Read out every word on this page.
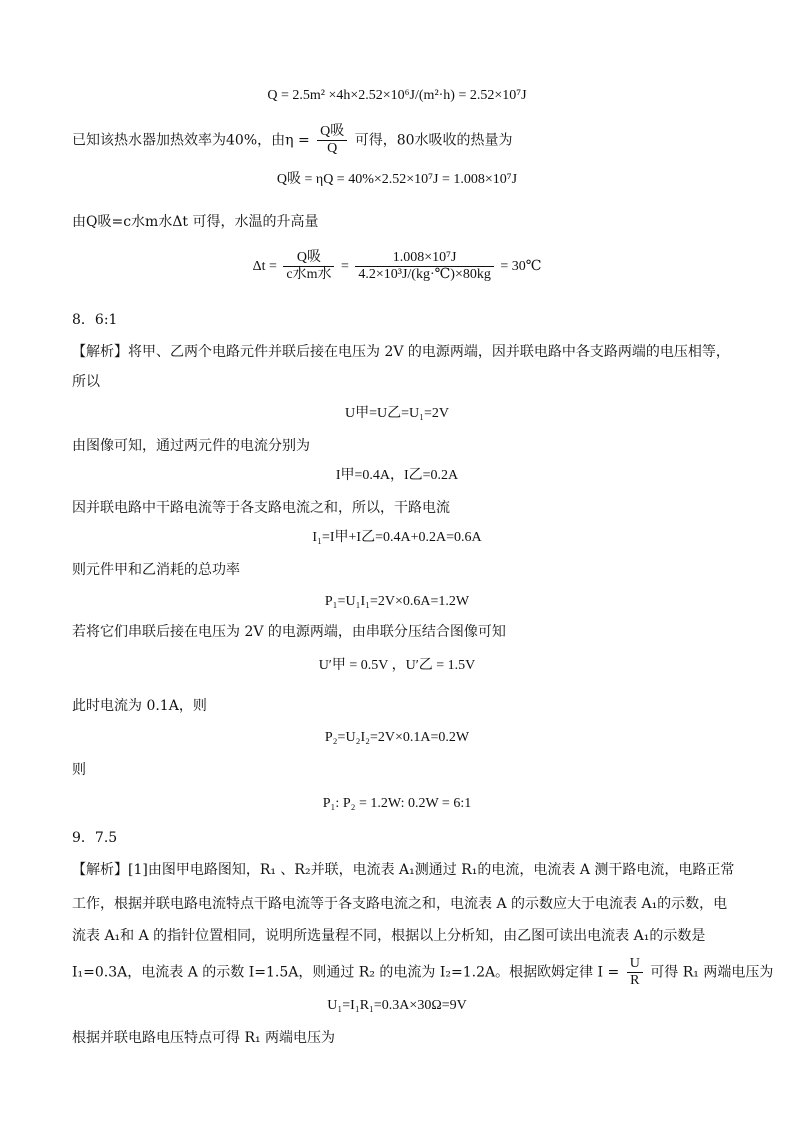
Q = 2.5m² ×4h×2.52×10⁶J/(m²·h) = 2.52×10⁷J
已知该热水器加热效率为40%，由$\eta = \frac{\text{Q吸}}{Q}$ 可得，80水吸收的热量为
Q吸 = ηQ = 40%×2.52×10⁷J = 1.008×10⁷J
由Q吸=c水m水Δt 可得，水温的升高量
$\Delta t = \frac{\text{Q吸}}{\text{c水m水}} = \frac{\text{1.008×10⁷J}}{\text{4.2×10³J/(kg·℃)×80kg}}$ = 30℃
8．6:1
【解析】将甲、乙两个电路元件并联后接在电压为 2V 的电源两端，因并联电路中各支路两端的电压相等，
所以
U甲=U乙=U₁=2V
由图像可知，通过两元件的电流分别为
I甲=0.4A，I乙=0.2A
因并联电路中干路电流等于各支路电流之和，所以，干路电流
I₁=I甲+I乙=0.4A+0.2A=0.6A
则元件甲和乙消耗的总功率
P₁=U₁I₁=2V×0.6A=1.2W
若将它们串联后接在电压为 2V 的电源两端，由串联分压结合图像可知
U′甲 = 0.5V ，U′乙 = 1.5V
此时电流为 0.1A，则
P₂=U₂I₂=2V×0.1A=0.2W
则
P₁: P₂ = 1.2W: 0.2W = 6:1
9．7.5
【解析】[1]由图甲电路图知，R₁ 、R₂并联，电流表 A₁测通过 R₁的电流，电流表 A 测干路电流，电路正常
工作，根据并联电路电流特点干路电流等于各支路电流之和，电流表 A 的示数应大于电流表 A₁的示数，电
流表 A₁和 A 的指针位置相同，说明所选量程不同，根据以上分析知，由乙图可读出电流表 A₁的示数是
I₁=0.3A，电流表 A 的示数 I=1.5A，则通过 R₂ 的电流为 I₂=1.2A。根据欧姆定律 $I = \frac{U}{R}$ 可得 R₁ 两端电压为
U₁=I₁R₁=0.3A×30Ω=9V
根据并联电路电压特点可得 R₁ 两端电压为
